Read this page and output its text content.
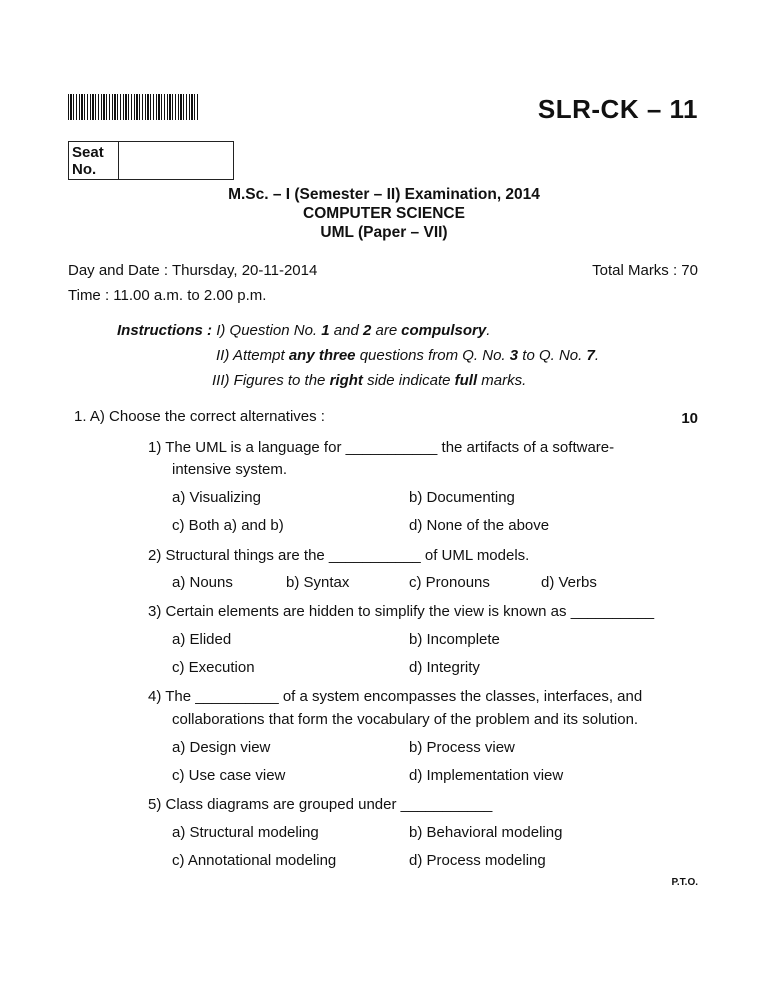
SLR-CK – 11
Seat No.
M.Sc. – I (Semester – II) Examination, 2014
COMPUTER SCIENCE
UML (Paper – VII)
Day and Date : Thursday, 20-11-2014	Total Marks : 70
Time : 11.00 a.m. to 2.00 p.m.
Instructions : I) Question No. 1 and 2 are compulsory.
II) Attempt any three questions from Q. No. 3 to Q. No. 7.
III) Figures to the right side indicate full marks.
1. A) Choose the correct alternatives :	10
1) The UML is a language for ___________ the artifacts of a software-
intensive system.
a) Visualizing	b) Documenting
c) Both a) and b)	d) None of the above
2) Structural things are the ___________ of UML models.
a) Nouns	b) Syntax	c) Pronouns	d) Verbs
3) Certain elements are hidden to simplify the view is known as __________
a) Elided	b) Incomplete
c) Execution	d) Integrity
4) The __________ of a system encompasses the classes, interfaces, and
collaborations that form the vocabulary of the problem and its solution.
a) Design view	b) Process view
c) Use case view	d) Implementation view
5) Class diagrams are grouped under ___________
a) Structural modeling	b) Behavioral modeling
c) Annotational modeling	d) Process modeling
P.T.O.
